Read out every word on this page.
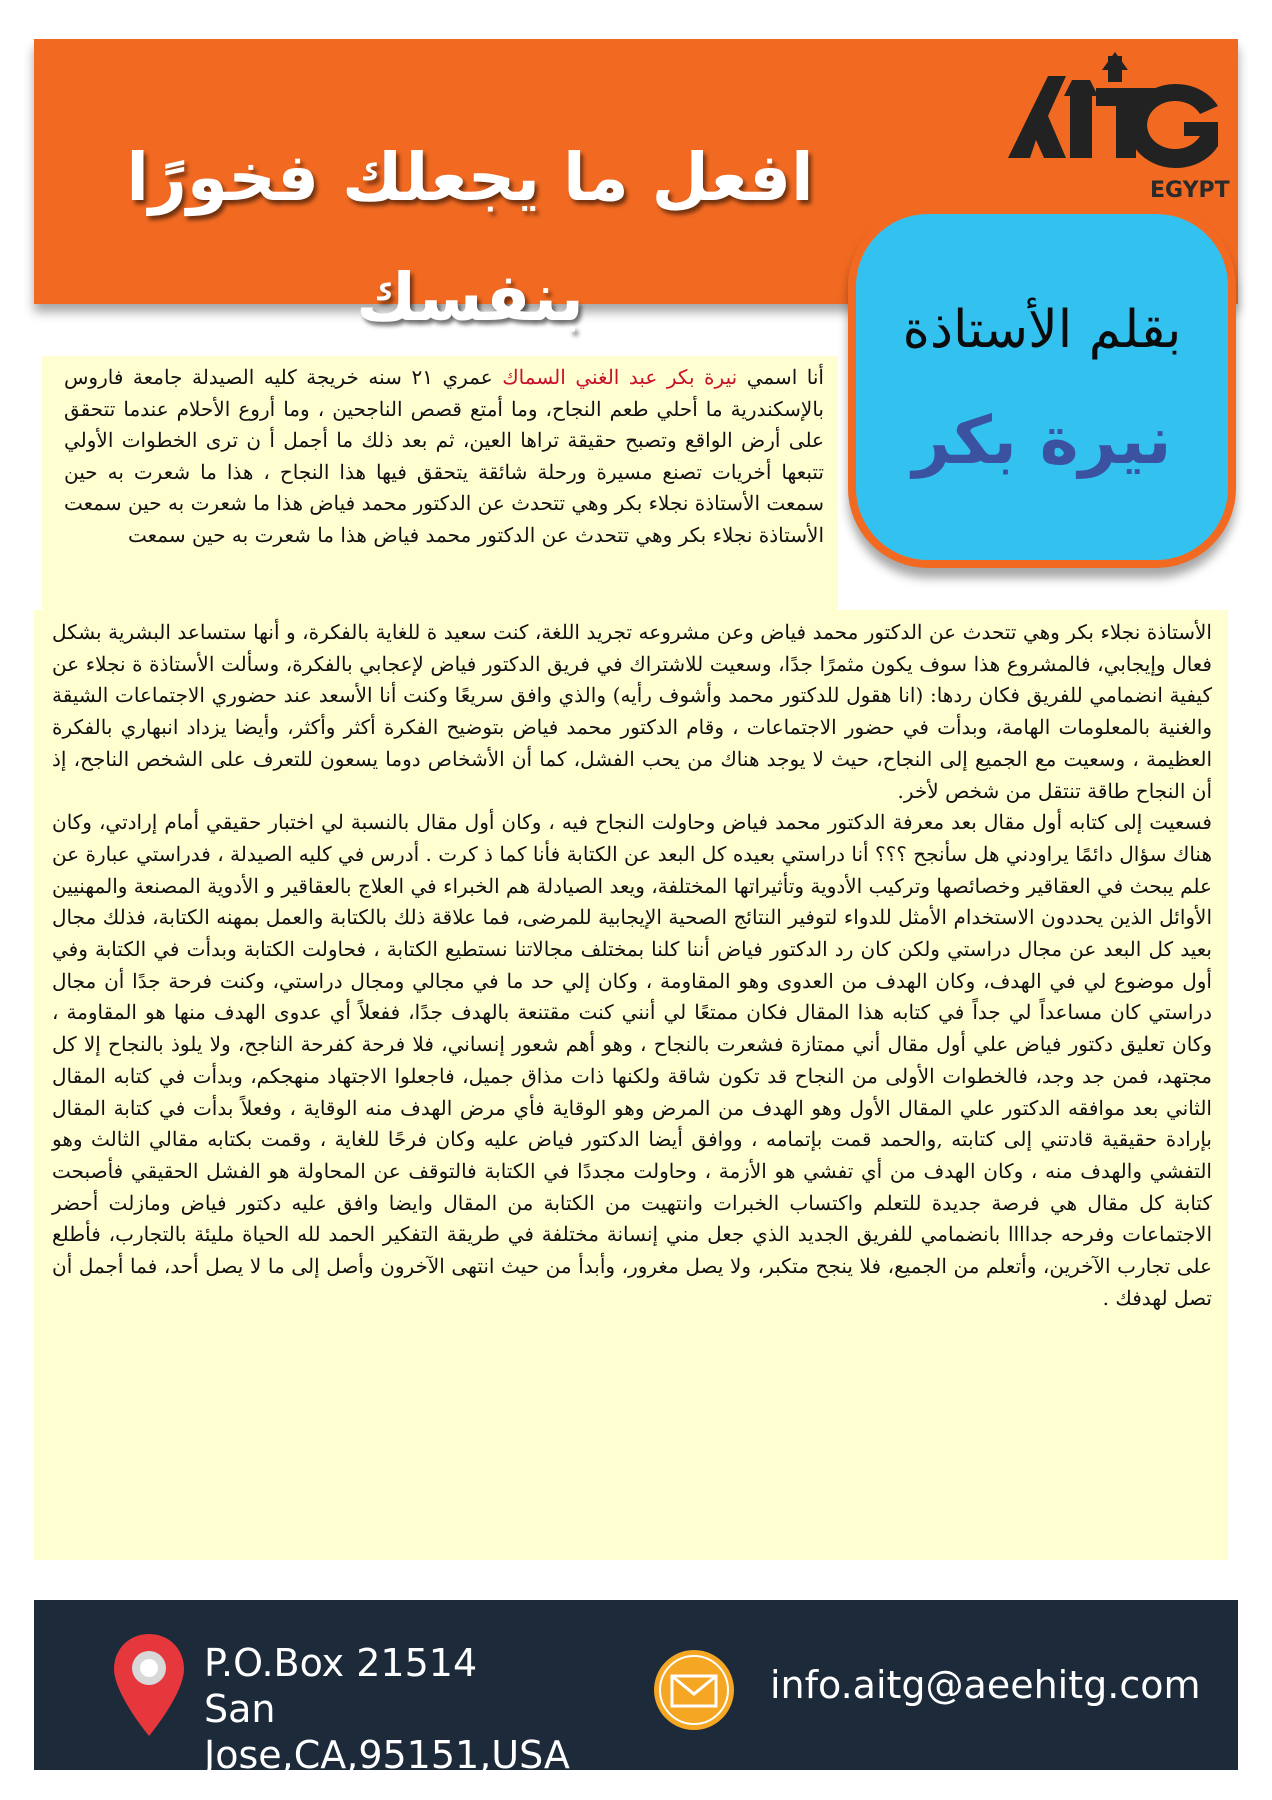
افعل ما يجعلك فخورًا بنفسك
EGYPT
بقلم الأستاذة
نيرة بكر
أنا اسمي نيرة بكر عبد الغني السماك عمري ٢١ سنه خريجة كليه الصيدلة جامعة فاروس بالإسكندرية ما أحلي طعم النجاح، وما أمتع قصص الناجحين ، وما أروع الأحلام عندما تتحقق على أرض الواقع وتصبح حقيقة تراها العين، ثم بعد ذلك ما أجمل أ ن ترى الخطوات الأولي تتبعها أخريات تصنع مسيرة ورحلة شائقة يتحقق فيها هذا النجاح ، هذا ما شعرت به حين سمعت الأستاذة نجلاء بكر وهي تتحدث عن الدكتور محمد فياض هذا ما شعرت به حين سمعت الأستاذة نجلاء بكر وهي تتحدث عن الدكتور محمد فياض هذا ما شعرت به حين سمعت

الأستاذة نجلاء بكر وهي تتحدث عن الدكتور محمد فياض وعن مشروعه تجريد اللغة، كنت سعيد ة للغاية بالفكرة، و أنها ستساعد البشرية بشكل فعال وإيجابي، فالمشروع هذا سوف يكون مثمرًا جدًا، وسعيت للاشتراك في فريق الدكتور فياض لإعجابي بالفكرة، وسألت الأستاذة ة نجلاء عن كيفية انضمامي للفريق فكان ردها: (انا هقول للدكتور محمد وأشوف رأيه) والذي وافق سريعًا وكنت أنا الأسعد عند حضوري الاجتماعات الشيقة والغنية بالمعلومات الهامة، وبدأت في حضور الاجتماعات ، وقام الدكتور محمد فياض بتوضيح الفكرة أكثر وأكثر، وأيضا يزداد انبهاري بالفكرة العظيمة ، وسعيت مع الجميع إلى النجاح، حيث لا يوجد هناك من يحب الفشل، كما أن الأشخاص دوما يسعون للتعرف على الشخص الناجح، إذ أن النجاح طاقة تنتقل من شخص لأخر.

فسعيت إلى كتابه أول مقال بعد معرفة الدكتور محمد فياض وحاولت النجاح فيه ، وكان أول مقال بالنسبة لي اختبار حقيقي أمام إرادتي، وكان هناك سؤال دائمًا يراودني هل سأنجح ؟؟؟ أنا دراستي بعيده كل البعد عن الكتابة فأنا كما ذ كرت . أدرس في كليه الصيدلة ، فدراستي عبارة عن علم يبحث في العقاقير وخصائصها وتركيب الأدوية وتأثيراتها المختلفة، ويعد الصيادلة هم الخبراء في العلاج بالعقاقير و الأدوية المصنعة والمهنيين الأوائل الذين يحددون الاستخدام الأمثل للدواء لتوفير النتائج الصحية الإيجابية للمرضى، فما علاقة ذلك بالكتابة والعمل بمهنه الكتابة، فذلك مجال بعيد كل البعد عن مجال دراستي ولكن كان رد الدكتور فياض أننا كلنا بمختلف مجالاتنا نستطيع الكتابة ، فحاولت الكتابة وبدأت في الكتابة وفي أول موضوع لي في الهدف، وكان الهدف من العدوى وهو المقاومة ، وكان إلي حد ما في مجالي ومجال دراستي، وكنت فرحة جدًا أن مجال دراستي كان مساعداً لي جداً في كتابه هذا المقال فكان ممتعًا لي أنني كنت مقتنعة بالهدف جدًا، ففعلاً أي عدوى الهدف منها هو المقاومة ، وكان تعليق دكتور فياض علي أول مقال أني ممتازة فشعرت بالنجاح ، وهو أهم شعور إنساني، فلا فرحة كفرحة الناجح، ولا يلوذ بالنجاح إلا كل مجتهد، فمن جد وجد، فالخطوات الأولى من النجاح قد تكون شاقة ولكنها ذات مذاق جميل، فاجعلوا الاجتهاد منهجكم، وبدأت في كتابه المقال الثاني بعد موافقه الدكتور علي المقال الأول وهو الهدف من المرض وهو الوقاية فأي مرض الهدف منه الوقاية ، وفعلاً بدأت في كتابة المقال بإرادة حقيقية قادتني إلى كتابته ,والحمد قمت بإتمامه ، ووافق أيضا الدكتور فياض عليه وكان فرحًا للغاية ، وقمت بكتابه مقالي الثالث وهو التفشي والهدف منه ، وكان الهدف من أي تفشي هو الأزمة ، وحاولت مجددًا في الكتابة فالتوقف عن المحاولة هو الفشل الحقيقي فأصبحت كتابة كل مقال هي فرصة جديدة للتعلم واكتساب الخبرات وانتهيت من الكتابة من المقال وايضا وافق عليه دكتور فياض ومازلت أحضر الاجتماعات وفرحه جداااا بانضمامي للفريق الجديد الذي جعل مني إنسانة مختلفة في طريقة التفكير الحمد لله الحياة مليئة بالتجارب، فأطلع على تجارب الآخرين، وأتعلم من الجميع، فلا ينجح متكبر، ولا يصل مغرور، وأبدأ من حيث انتهى الآخرون وأصل إلى ما لا يصل أحد، فما أجمل أن تصل لهدفك .

P.O.Box 21514
San Jose,CA,95151,USA
info.aitg@aeehitg.com
